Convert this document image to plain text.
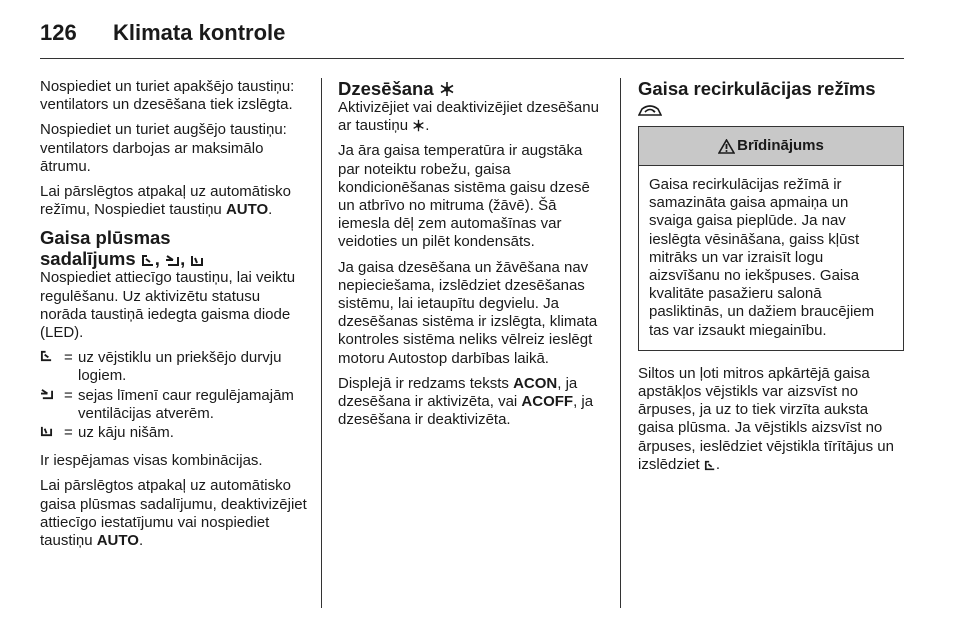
126 Klimata kontrole

Nospiediet un turiet apakšējo taustiņu: ventilators un dzesēšana tiek izslēgta.

Nospiediet un turiet augšējo taustiņu: ventilators darbojas ar maksimālo ātrumu.

Lai pārslēgtos atpakaļ uz automātisko režīmu, Nospiediet taustiņu AUTO.

Gaisa plūsmas
sadalījums , ,

Nospiediet attiecīgo taustiņu, lai veiktu regulēšanu. Uz aktivizētu statusu norāda taustiņā iedegta gaisma diode (LED).

= uz vējstiklu un priekšējo durvju logiem.
= sejas līmenī caur regulējamajām ventilācijas atverēm.
= uz kāju nišām.

Ir iespējamas visas kombinācijas.

Lai pārslēgtos atpakaļ uz automātisko gaisa plūsmas sadalījumu, deaktivizējiet attiecīgo iestatījumu vai nospiediet taustiņu AUTO.

Dzesēšana

Aktivizējiet vai deaktivizējiet dzesēšanu ar taustiņu
.

Ja āra gaisa temperatūra ir augstāka par noteiktu robežu, gaisa kondicionēšanas sistēma gaisu dzesē un atbrīvo no mitruma (žāvē). Šā iemesla dēļ zem automašīnas var veidoties un pilēt kondensāts.

Ja gaisa dzesēšana un žāvēšana nav nepieciešama, izslēdziet dzesēšanas sistēmu, lai ietaupītu degvielu. Ja dzesēšanas sistēma ir izslēgta, klimata kontroles sistēma neliks vēlreiz ieslēgt motoru Autostop darbības laikā.

Displejā ir redzams teksts ACON, ja dzesēšana ir aktivizēta, vai ACOFF, ja dzesēšana ir deaktivizēta.

Gaisa recirkulācijas režīms
Brīdinājums
Gaisa recirkulācijas režīmā ir samazināta gaisa apmaiņa un svaiga gaisa pieplūde. Ja nav ieslēgta vēsināšana, gaiss kļūst mitrāks un var izraisīt logu aizsvīšanu no iekšpuses. Gaisa kvalitāte pasažieru salonā pasliktinās, un dažiem braucējiem tas var izsaukt miegainību.

Siltos un ļoti mitros apkārtējā gaisa apstākļos vējstikls var aizsvīst no ārpuses, ja uz to tiek virzīta auksta gaisa plūsma. Ja vējstikls aizsvīst no ārpuses, ieslēdziet vējstikla tīrītājus un izslēdziet
.
